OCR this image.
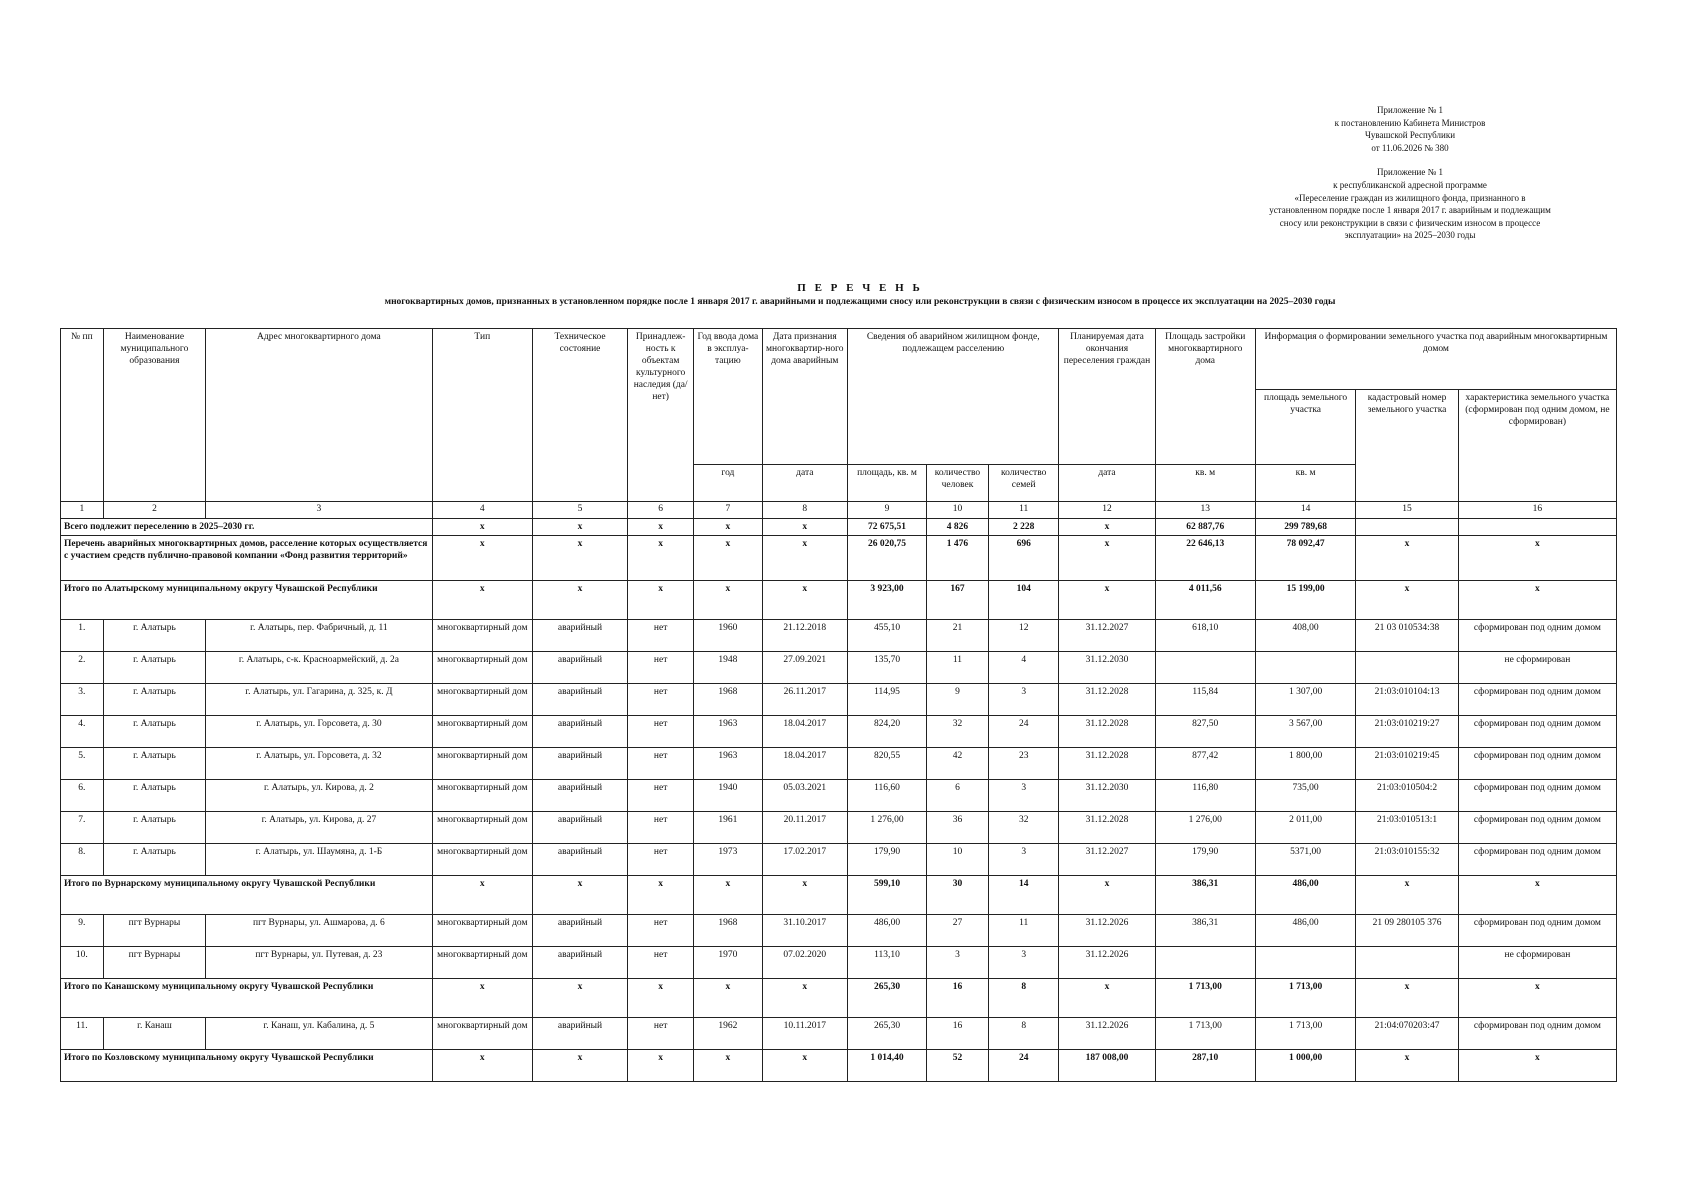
Приложение № 1
к постановлению Кабинета Министров
Чувашской Республики
от 11.06.2026 № 380
Приложение № 1
к республиканской адресной программе
«Переселение граждан из жилищного фонда, признанного в
установленном порядке после 1 января 2017 г. аварийным и подлежащим
сносу или реконструкции в связи с физическим износом в процессе
эксплуатации» на 2025–2030 годы
П Е Р Е Ч Е Н Ь
многоквартирных домов, признанных в установленном порядке после 1 января 2017 г. аварийными и подлежащими сносу или реконструкции в связи с физическим износом в процессе их эксплуатации на 2025–2030 годы
№ пп	Наименование муниципального образования	Адрес многоквартирного дома	Тип	Техническое состояние	Принадлеж-ность к объектам культурного наследия (да/нет)	Год ввода дома в эксплуа-тацию	Дата признания многоквартир-ного дома аварийным	Сведения об аварийном жилищном фонде, подлежащем расселению			Планируемая дата окончания переселения граждан	Площадь застройки многоквартирного дома	Информация о формировании земельного участка под аварийным многоквартирным домом		
													площадь земельного участка	кадастровый номер земельного участка	характеристика земельного участка (сформирован под одним домом, не сформирован)
						год	дата	площадь, кв. м	количество человек	количество семей	дата	кв. м	кв. м		
1	2	3	4	5	6	7	8	9	10	11	12	13	14	15	16
Всего подлежит переселению в 2025–2030 гг.			x	x	x	x	x	72 675,51	4 826	2 228	x	62 887,76	299 789,68		
Перечень аварийных многоквартирных домов, расселение которых осуществляется с участием средств публично-правовой компании «Фонд развития территорий»			x	x	x	x	x	26 020,75	1 476	696	x	22 646,13	78 092,47	x	x
Итого по Алатырскому муниципальному округу Чувашской Республики			x	x	x	x	x	3 923,00	167	104	x	4 011,56	15 199,00	x	x
1.	г. Алатырь	г. Алатырь, пер. Фабричный, д. 11	многоквартирный дом	аварийный	нет	1960	21.12.2018	455,10	21	12	31.12.2027	618,10	408,00	21 03 010534:38	сформирован под одним домом
2.	г. Алатырь	г. Алатырь, с-к. Красноармейский, д. 2а	многоквартирный дом	аварийный	нет	1948	27.09.2021	135,70	11	4	31.12.2030				не сформирован
3.	г. Алатырь	г. Алатырь, ул. Гагарина, д. 325, к. Д	многоквартирный дом	аварийный	нет	1968	26.11.2017	114,95	9	3	31.12.2028	115,84	1 307,00	21:03:010104:13	сформирован под одним домом
4.	г. Алатырь	г. Алатырь, ул. Горсовета, д. 30	многоквартирный дом	аварийный	нет	1963	18.04.2017	824,20	32	24	31.12.2028	827,50	3 567,00	21:03:010219:27	сформирован под одним домом
5.	г. Алатырь	г. Алатырь, ул. Горсовета, д. 32	многоквартирный дом	аварийный	нет	1963	18.04.2017	820,55	42	23	31.12.2028	877,42	1 800,00	21:03:010219:45	сформирован под одним домом
6.	г. Алатырь	г. Алатырь, ул. Кирова, д. 2	многоквартирный дом	аварийный	нет	1940	05.03.2021	116,60	6	3	31.12.2030	116,80	735,00	21:03:010504:2	сформирован под одним домом
7.	г. Алатырь	г. Алатырь, ул. Кирова, д. 27	многоквартирный дом	аварийный	нет	1961	20.11.2017	1 276,00	36	32	31.12.2028	1 276,00	2 011,00	21:03:010513:1	сформирован под одним домом
8.	г. Алатырь	г. Алатырь, ул. Шаумяна, д. 1-Б	многоквартирный дом	аварийный	нет	1973	17.02.2017	179,90	10	3	31.12.2027	179,90	5371,00	21:03:010155:32	сформирован под одним домом
Итого по Вурнарскому муниципальному округу Чувашской Республики			x	x	x	x	x	599,10	30	14	x	386,31	486,00	x	x
9.	пгт Вурнары	пгт Вурнары, ул. Ашмарова, д. 6	многоквартирный дом	аварийный	нет	1968	31.10.2017	486,00	27	11	31.12.2026	386,31	486,00	21 09 280105 376	сформирован под одним домом
10.	пгт Вурнары	пгт Вурнары, ул. Путевая, д. 23	многоквартирный дом	аварийный	нет	1970	07.02.2020	113,10	3	3	31.12.2026				не сформирован
Итого по Канашскому муниципальному округу Чувашской Республики			x	x	x	x	x	265,30	16	8	x	1 713,00	1 713,00	x	x
11.	г. Канаш	г. Канаш, ул. Кабалина, д. 5	многоквартирный дом	аварийный	нет	1962	10.11.2017	265,30	16	8	31.12.2026	1 713,00	1 713,00	21:04:070203:47	сформирован под одним домом
Итого по Козловскому муниципальному округу Чувашской Республики			x	x	x	x	x	1 014,40	52	24	187 008,00	287,10	1 000,00	x	x
